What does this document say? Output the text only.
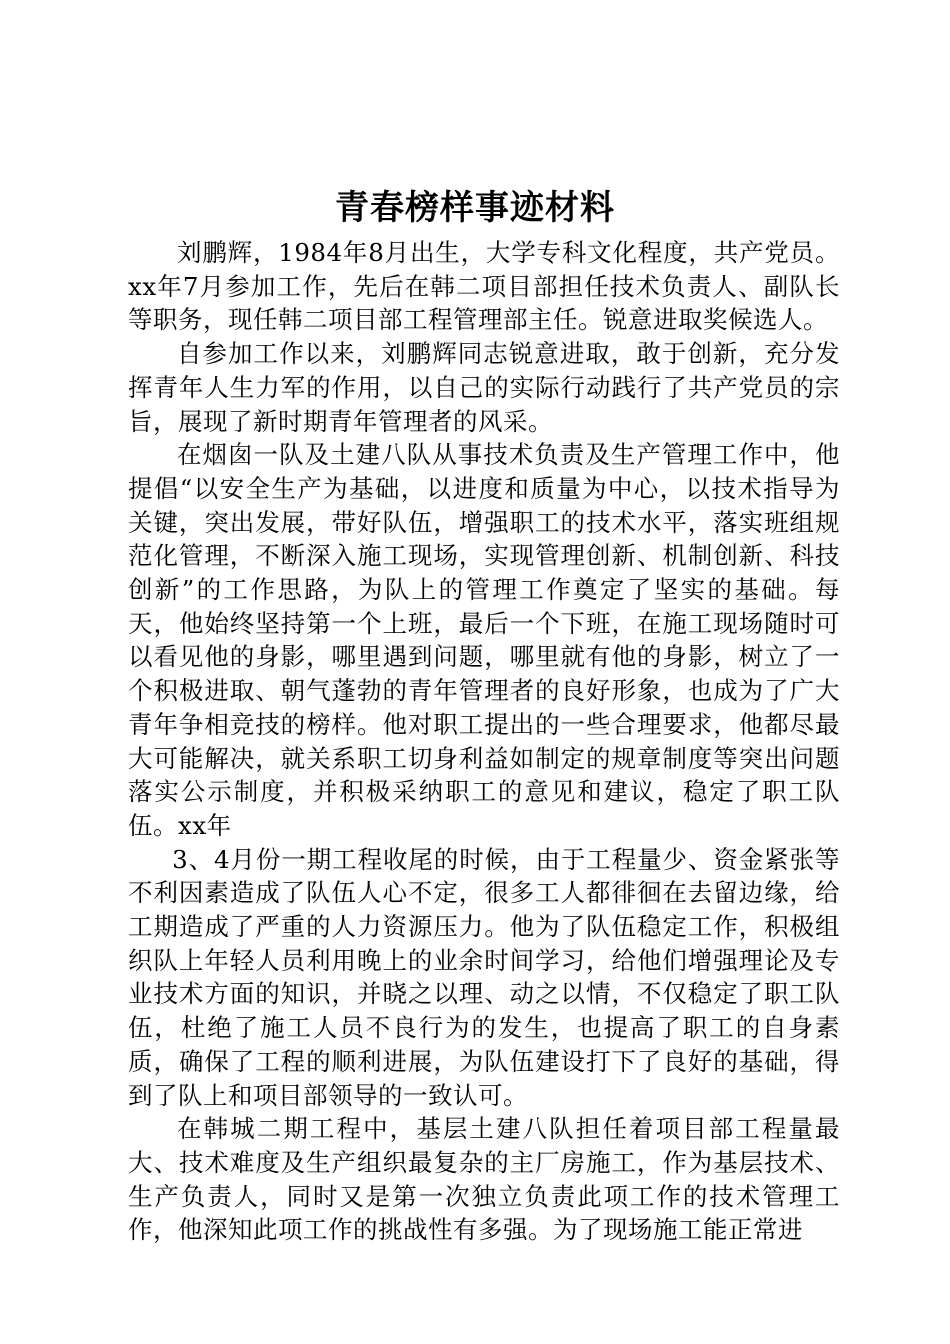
青春榜样事迹材料

刘鹏辉，1984年8月出生，大学专科文化程度，共产党员。xx年7月参加工作，先后在韩二项目部担任技术负责人、副队长等职务，现任韩二项目部工程管理部主任。锐意进取奖候选人。

自参加工作以来，刘鹏辉同志锐意进取，敢于创新，充分发挥青年人生力军的作用，以自己的实际行动践行了共产党员的宗旨，展现了新时期青年管理者的风采。

在烟囱一队及土建八队从事技术负责及生产管理工作中，他提倡“以安全生产为基础，以进度和质量为中心，以技术指导为关键，突出发展，带好队伍，增强职工的技术水平，落实班组规范化管理，不断深入施工现场，实现管理创新、机制创新、科技创新”的工作思路，为队上的管理工作奠定了坚实的基础。每天，他始终坚持第一个上班，最后一个下班，在施工现场随时可以看见他的身影，哪里遇到问题，哪里就有他的身影，树立了一个积极进取、朝气蓬勃的青年管理者的良好形象，也成为了广大青年争相竞技的榜样。他对职工提出的一些合理要求，他都尽最大可能解决，就关系职工切身利益如制定的规章制度等突出问题落实公示制度，并积极采纳职工的意见和建议，稳定了职工队伍。xx年

3、4月份一期工程收尾的时候，由于工程量少、资金紧张等不利因素造成了队伍人心不定，很多工人都徘徊在去留边缘，给工期造成了严重的人力资源压力。他为了队伍稳定工作，积极组织队上年轻人员利用晚上的业余时间学习，给他们增强理论及专业技术方面的知识，并晓之以理、动之以情，不仅稳定了职工队伍，杜绝了施工人员不良行为的发生，也提高了职工的自身素质，确保了工程的顺利进展，为队伍建设打下了良好的基础，得到了队上和项目部领导的一致认可。

在韩城二期工程中，基层土建八队担任着项目部工程量最大、技术难度及生产组织最复杂的主厂房施工，作为基层技术、生产负责人，同时又是第一次独立负责此项工作的技术管理工作，他深知此项工作的挑战性有多强。为了现场施工能正常进
